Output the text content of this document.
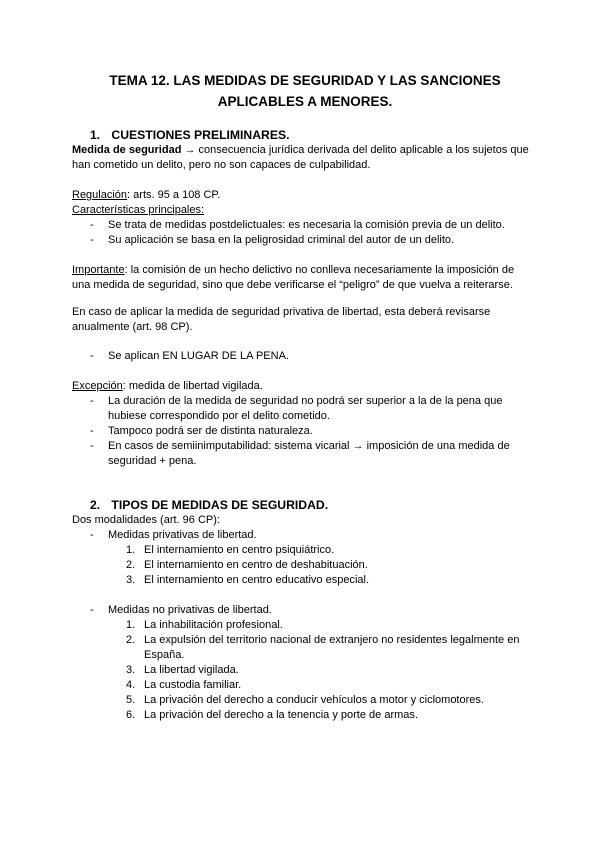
TEMA 12. LAS MEDIDAS DE SEGURIDAD Y LAS SANCIONES
APLICABLES A MENORES.
1. CUESTIONES PRELIMINARES.
Medida de seguridad → consecuencia jurídica derivada del delito aplicable a los sujetos que han cometido un delito, pero no son capaces de culpabilidad.
Regulación: arts. 95 a 108 CP.
Características principales:
- Se trata de medidas postdelictuales: es necesaria la comisión previa de un delito.
- Su aplicación se basa en la peligrosidad criminal del autor de un delito.
Importante: la comisión de un hecho delictivo no conlleva necesariamente la imposición de una medida de seguridad, sino que debe verificarse el “peligro” de que vuelva a reiterarse.
En caso de aplicar la medida de seguridad privativa de libertad, esta deberá revisarse anualmente (art. 98 CP).
- Se aplican EN LUGAR DE LA PENA.
Excepción: medida de libertad vigilada.
- La duración de la medida de seguridad no podrá ser superior a la de la pena que hubiese correspondido por el delito cometido.
- Tampoco podrá ser de distinta naturaleza.
- En casos de semiinimputabilidad: sistema vicarial → imposición de una medida de seguridad + pena.
2. TIPOS DE MEDIDAS DE SEGURIDAD.
Dos modalidades (art. 96 CP):
- Medidas privativas de libertad.
1. El internamiento en centro psiquiátrico.
2. El internamiento en centro de deshabituación.
3. El internamiento en centro educativo especial.
- Medidas no privativas de libertad.
1. La inhabilitación profesional.
2. La expulsión del territorio nacional de extranjero no residentes legalmente en España.
3. La libertad vigilada.
4. La custodia familiar.
5. La privación del derecho a conducir vehículos a motor y ciclomotores.
6. La privación del derecho a la tenencia y porte de armas.
